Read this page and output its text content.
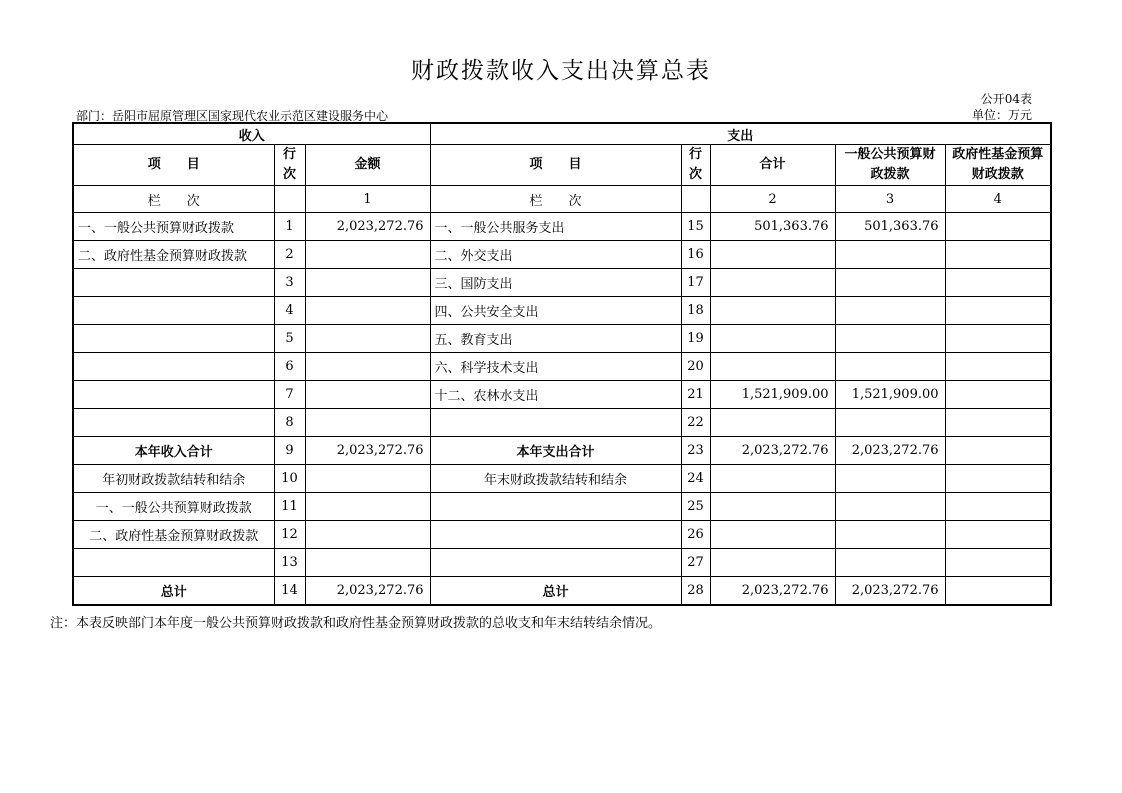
财政拨款收入支出决算总表
公开04表
部门：岳阳市屈原管理区国家现代农业示范区建设服务中心	单位：万元
收入			支出				
项　　目	行次	金额	项　　目	行次	合计	一般公共预算财政拨款	政府性基金预算财政拨款
栏　　次		1	栏　　次		2	3	4
一、一般公共预算财政拨款	1	2,023,272.76	一、一般公共服务支出	15	501,363.76	501,363.76	
二、政府性基金预算财政拨款	2		二、外交支出	16			
	3		三、国防支出	17			
	4		四、公共安全支出	18			
	5		五、教育支出	19			
	6		六、科学技术支出	20			
	7		十二、农林水支出	21	1,521,909.00	1,521,909.00	
	8			22			
本年收入合计	9	2,023,272.76	本年支出合计	23	2,023,272.76	2,023,272.76	
年初财政拨款结转和结余	10		年末财政拨款结转和结余	24			
一、一般公共预算财政拨款	11			25			
二、政府性基金预算财政拨款	12			26			
	13			27			
总计	14	2,023,272.76	总计	28	2,023,272.76	2,023,272.76	
注：本表反映部门本年度一般公共预算财政拨款和政府性基金预算财政拨款的总收支和年末结转结余情况。
